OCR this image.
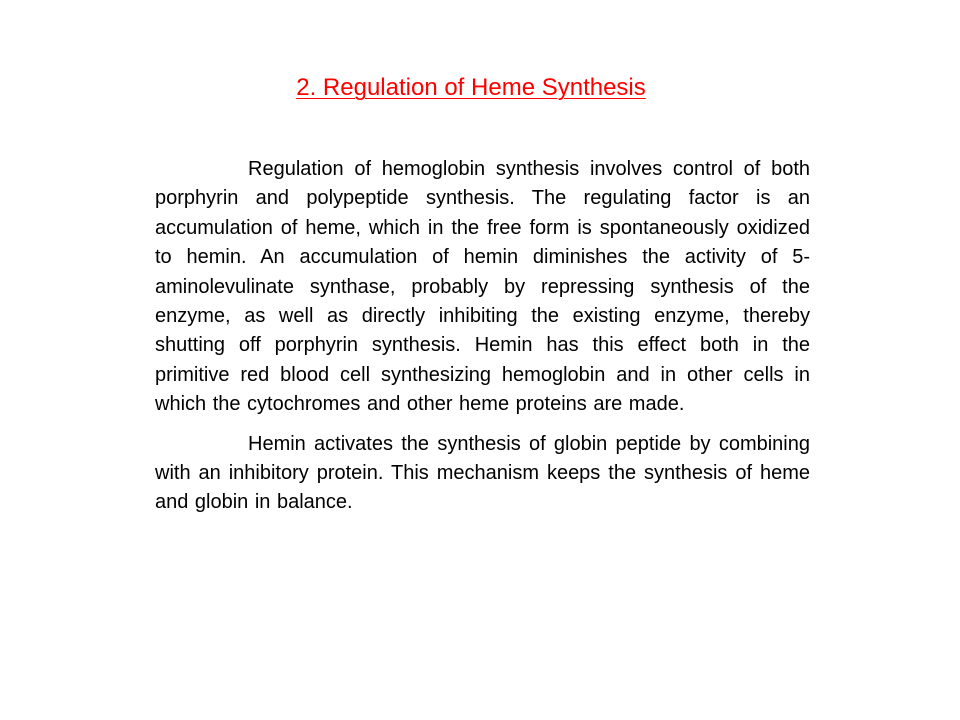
2. Regulation of Heme Synthesis

Regulation of hemoglobin synthesis involves control of both porphyrin and polypeptide synthesis. The regulating factor is an accumulation of heme, which in the free form is spontaneously oxidized to hemin. An accumulation of hemin diminishes the activity of 5-aminolevulinate synthase, probably by repressing synthesis of the enzyme, as well as directly inhibiting the existing enzyme, thereby shutting off porphyrin synthesis. Hemin has this effect both in the primitive red blood cell synthesizing hemoglobin and in other cells in which the cytochromes and other heme proteins are made.

Hemin activates the synthesis of globin peptide by combining with an inhibitory protein. This mechanism keeps the synthesis of heme and globin in balance.
